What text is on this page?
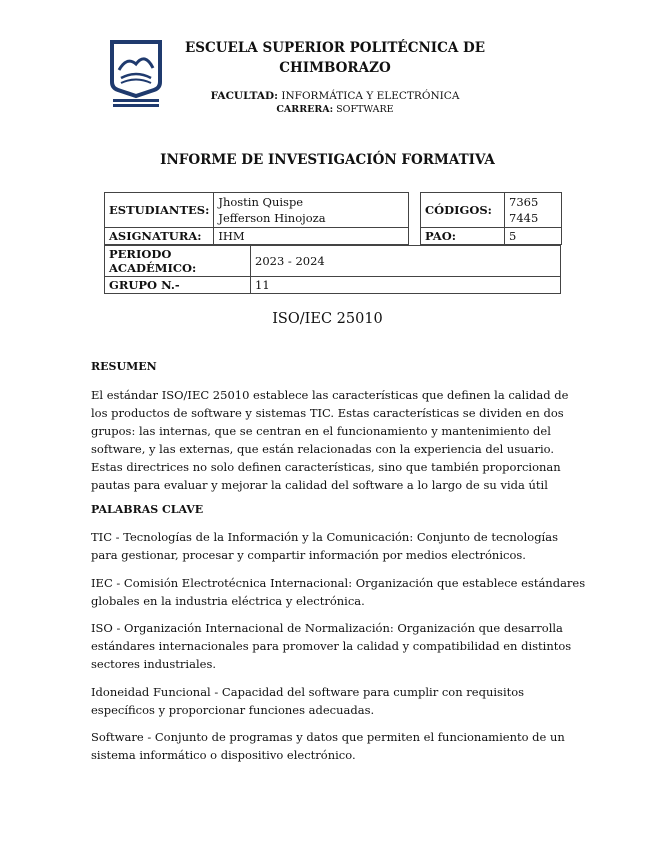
ESCUELA SUPERIOR POLITÉCNICA DE
CHIMBORAZO
FACULTAD: INFORMÁTICA Y ELECTRÓNICA
CARRERA: SOFTWARE
INFORME DE INVESTIGACIÓN FORMATIVA
ESTUDIANTES:	Jhostin Quispe
Jefferson Hinojoza

ASIGNATURA:	IHM
CÓDIGOS:	7365
7445

PAO:	5
PERIODO ACADÉMICO:	2023 - 2024
GRUPO N.-	11
ISO/IEC 25010
RESUMEN
El estándar ISO/IEC 25010 establece las características que definen la calidad de los productos de software y sistemas TIC. Estas características se dividen en dos grupos: las internas, que se centran en el funcionamiento y mantenimiento del software, y las externas, que están relacionadas con la experiencia del usuario. Estas directrices no solo definen características, sino que también proporcionan pautas para evaluar y mejorar la calidad del software a lo largo de su vida útil
PALABRAS CLAVE
TIC - Tecnologías de la Información y la Comunicación: Conjunto de tecnologías para gestionar, procesar y compartir información por medios electrónicos.
IEC - Comisión Electrotécnica Internacional: Organización que establece estándares globales en la industria eléctrica y electrónica.
ISO - Organización Internacional de Normalización: Organización que desarrolla estándares internacionales para promover la calidad y compatibilidad en distintos sectores industriales.
Idoneidad Funcional - Capacidad del software para cumplir con requisitos específicos y proporcionar funciones adecuadas.
Software - Conjunto de programas y datos que permiten el funcionamiento de un sistema informático o dispositivo electrónico.
